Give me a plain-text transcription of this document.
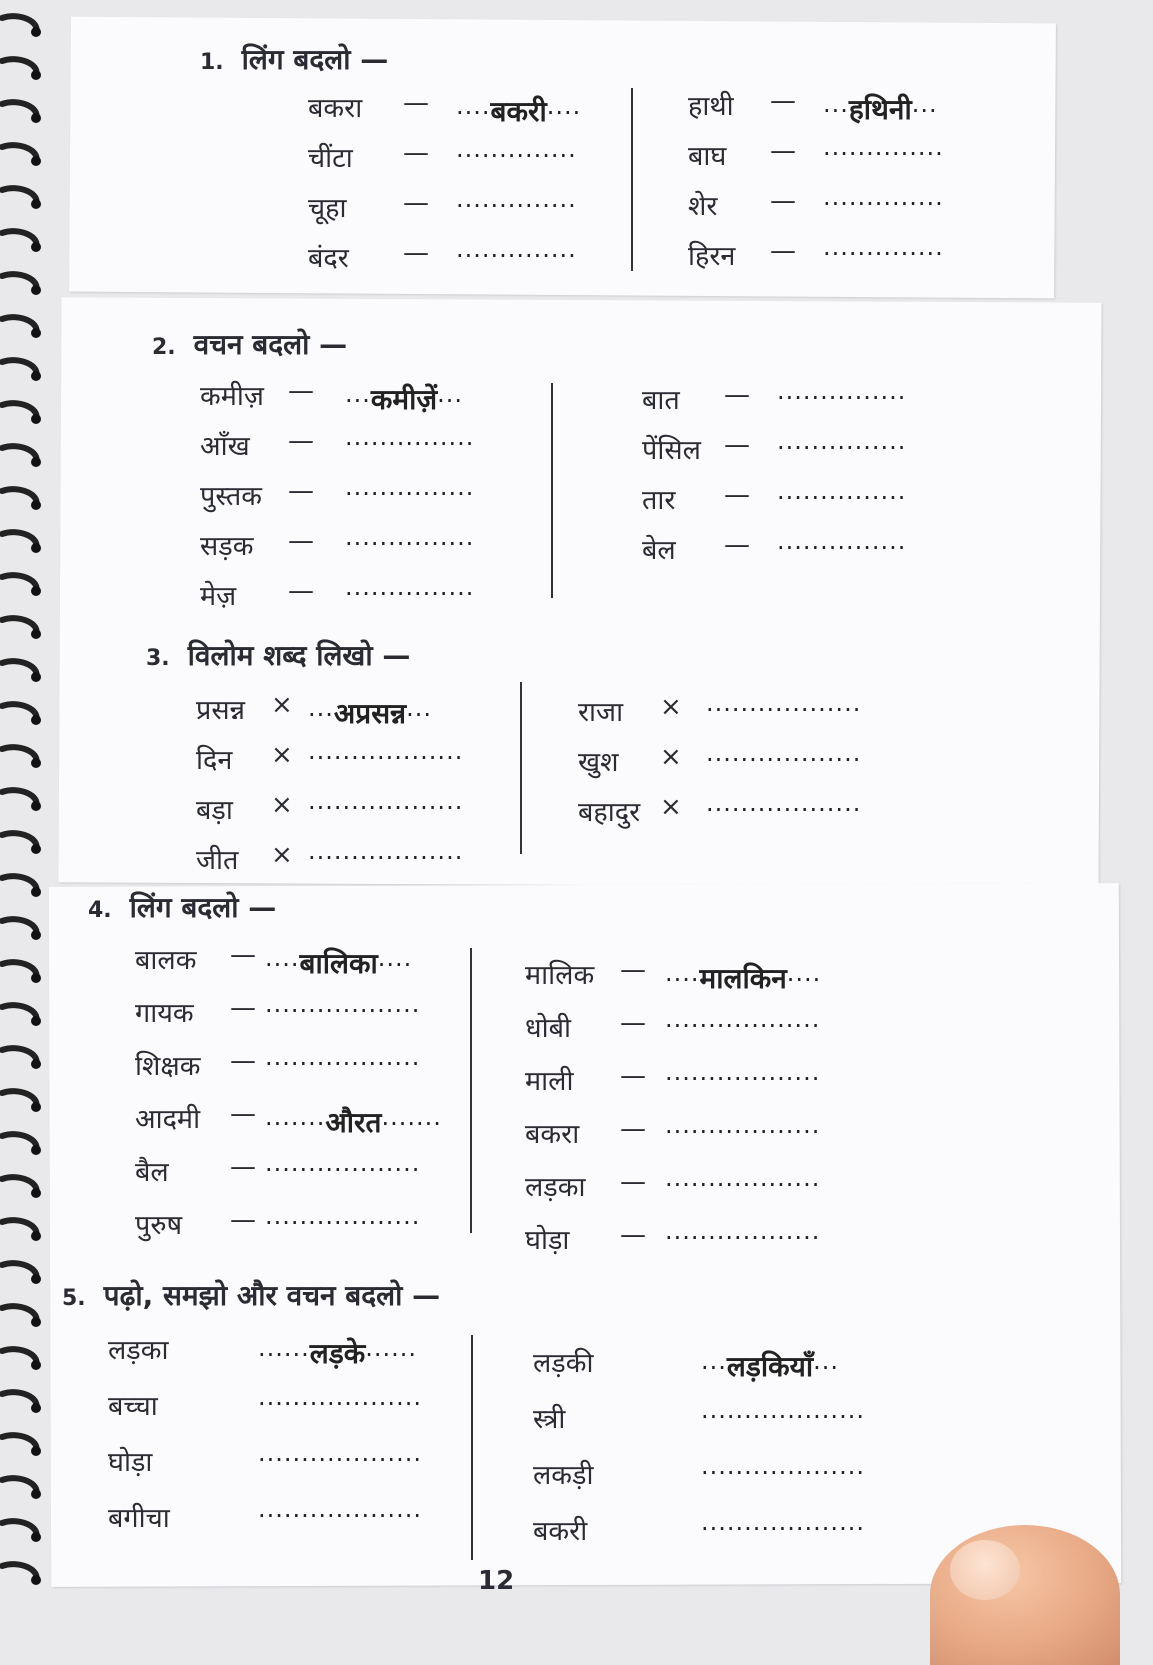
1. लिंग बदलो —
बकरा — ····बकरी····
चींटा — ··············
चूहा — ··············
बंदर — ··············
हाथी — ···हथिनी···
बाघ — ··············
शेर — ··············
हिरन — ··············
2. वचन बदलो —
कमीज़ — ···कमीज़ें···
आँख — ···············
पुस्तक — ···············
सड़क — ···············
मेज़ — ···············
बात — ···············
पेंसिल — ···············
तार — ···············
बेल — ···············
3. विलोम शब्द लिखो —
प्रसन्न × ···अप्रसन्न···
दिन × ··················
बड़ा × ··················
जीत × ··················
राजा × ··················
खुश × ··················
बहादुर × ··················
4. लिंग बदलो —
बालक — ····बालिका····
गायक — ··················
शिक्षक — ··················
आदमी — ·······औरत·······
बैल — ··················
पुरुष — ··················
मालिक — ····मालकिन····
धोबी — ··················
माली — ··················
बकरा — ··················
लड़का — ··················
घोड़ा — ··················
5. पढ़ो, समझो और वचन बदलो —
लड़का	······लड़के······
बच्चा	···················
घोड़ा	···················
बगीचा	···················
लड़की	···लड़कियाँ···
स्त्री	···················
लकड़ी	···················
बकरी	···················
12
